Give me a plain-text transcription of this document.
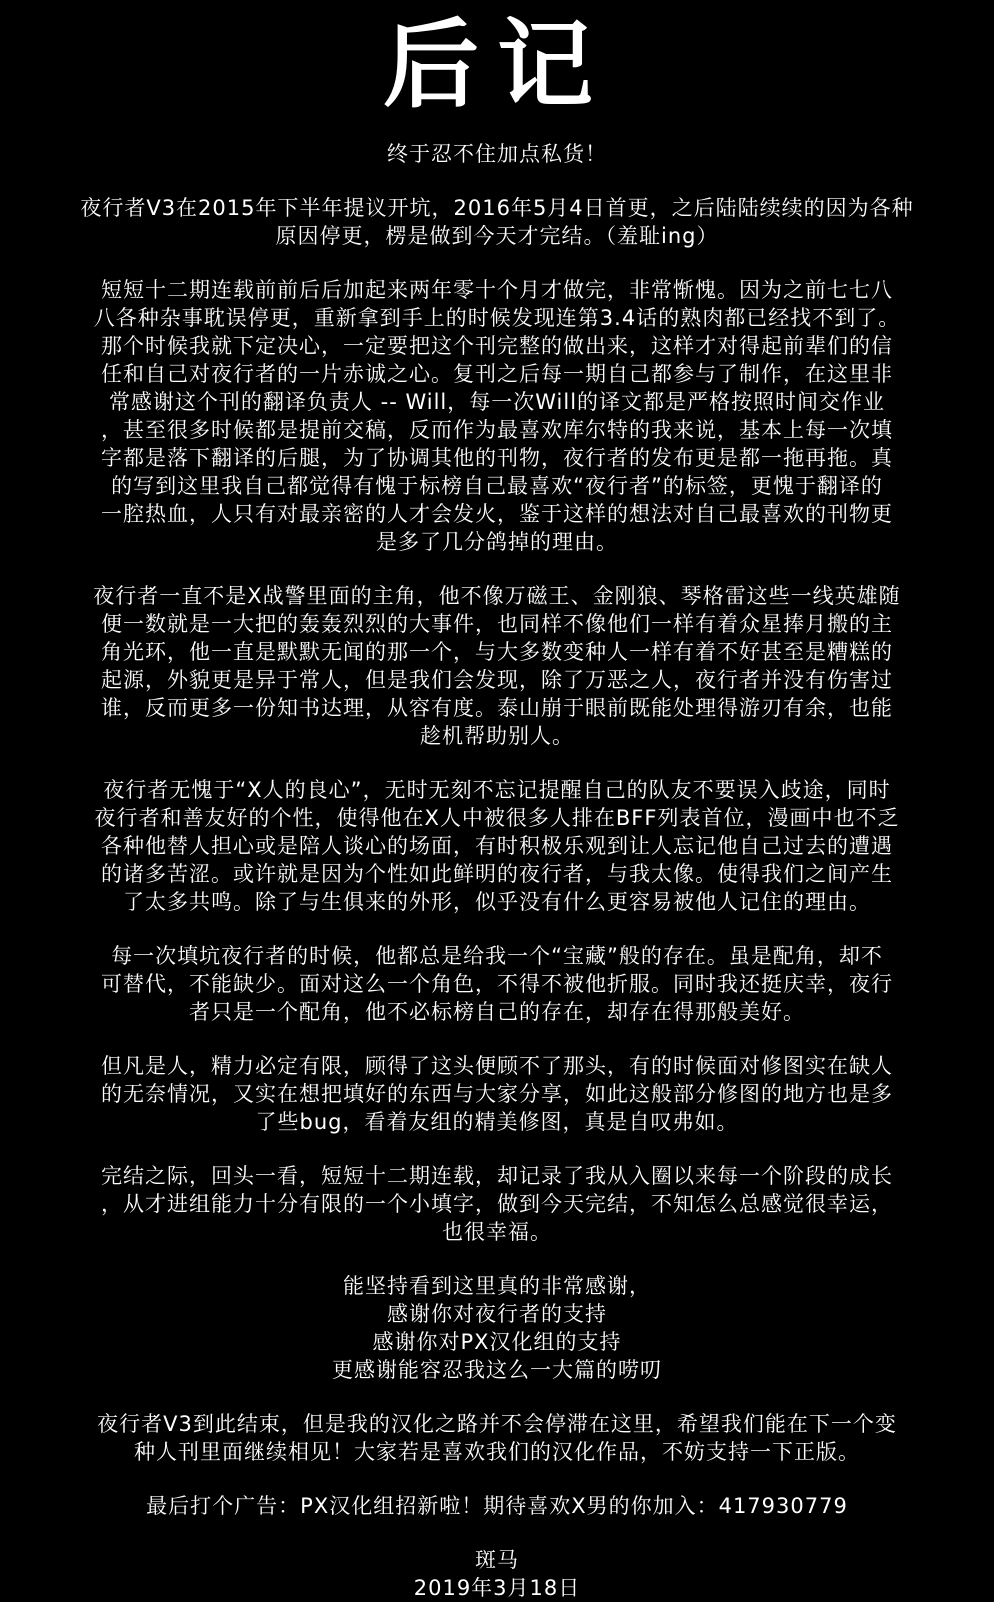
后记
终于忍不住加点私货！
夜行者V3在2015年下半年提议开坑，2016年5月4日首更，之后陆陆续续的因为各种
原因停更，楞是做到今天才完结。（羞耻ing）
短短十二期连载前前后后加起来两年零十个月才做完，非常惭愧。因为之前七七八
八各种杂事耽误停更，重新拿到手上的时候发现连第3.4话的熟肉都已经找不到了。
那个时候我就下定决心，一定要把这个刊完整的做出来，这样才对得起前辈们的信
任和自己对夜行者的一片赤诚之心。复刊之后每一期自己都参与了制作，在这里非
常感谢这个刊的翻译负责人 -- Will，每一次Will的译文都是严格按照时间交作业
，甚至很多时候都是提前交稿，反而作为最喜欢库尔特的我来说，基本上每一次填
字都是落下翻译的后腿，为了协调其他的刊物，夜行者的发布更是都一拖再拖。真
的写到这里我自己都觉得有愧于标榜自己最喜欢“夜行者”的标签，更愧于翻译的
一腔热血，人只有对最亲密的人才会发火，鉴于这样的想法对自己最喜欢的刊物更
是多了几分鸽掉的理由。
夜行者一直不是X战警里面的主角，他不像万磁王、金刚狼、琴格雷这些一线英雄随
便一数就是一大把的轰轰烈烈的大事件，也同样不像他们一样有着众星捧月搬的主
角光环，他一直是默默无闻的那一个，与大多数变种人一样有着不好甚至是糟糕的
起源，外貌更是异于常人，但是我们会发现，除了万恶之人，夜行者并没有伤害过
谁，反而更多一份知书达理，从容有度。泰山崩于眼前既能处理得游刃有余，也能
趁机帮助别人。
夜行者无愧于“X人的良心”，无时无刻不忘记提醒自己的队友不要误入歧途，同时
夜行者和善友好的个性，使得他在X人中被很多人排在BFF列表首位，漫画中也不乏
各种他替人担心或是陪人谈心的场面，有时积极乐观到让人忘记他自己过去的遭遇
的诸多苦涩。或许就是因为个性如此鲜明的夜行者，与我太像。使得我们之间产生
了太多共鸣。除了与生俱来的外形，似乎没有什么更容易被他人记住的理由。
每一次填坑夜行者的时候，他都总是给我一个“宝藏”般的存在。虽是配角，却不
可替代，不能缺少。面对这么一个角色，不得不被他折服。同时我还挺庆幸，夜行
者只是一个配角，他不必标榜自己的存在，却存在得那般美好。
但凡是人，精力必定有限，顾得了这头便顾不了那头，有的时候面对修图实在缺人
的无奈情况，又实在想把填好的东西与大家分享，如此这般部分修图的地方也是多
了些bug，看着友组的精美修图，真是自叹弗如。
完结之际，回头一看，短短十二期连载，却记录了我从入圈以来每一个阶段的成长
，从才进组能力十分有限的一个小填字，做到今天完结，不知怎么总感觉很幸运，
也很幸福。
能坚持看到这里真的非常感谢，
感谢你对夜行者的支持
感谢你对PX汉化组的支持
更感谢能容忍我这么一大篇的唠叨
夜行者V3到此结束，但是我的汉化之路并不会停滞在这里，希望我们能在下一个变
种人刊里面继续相见！大家若是喜欢我们的汉化作品，不妨支持一下正版。
最后打个广告：PX汉化组招新啦！期待喜欢X男的你加入：417930779
斑马
2019年3月18日
